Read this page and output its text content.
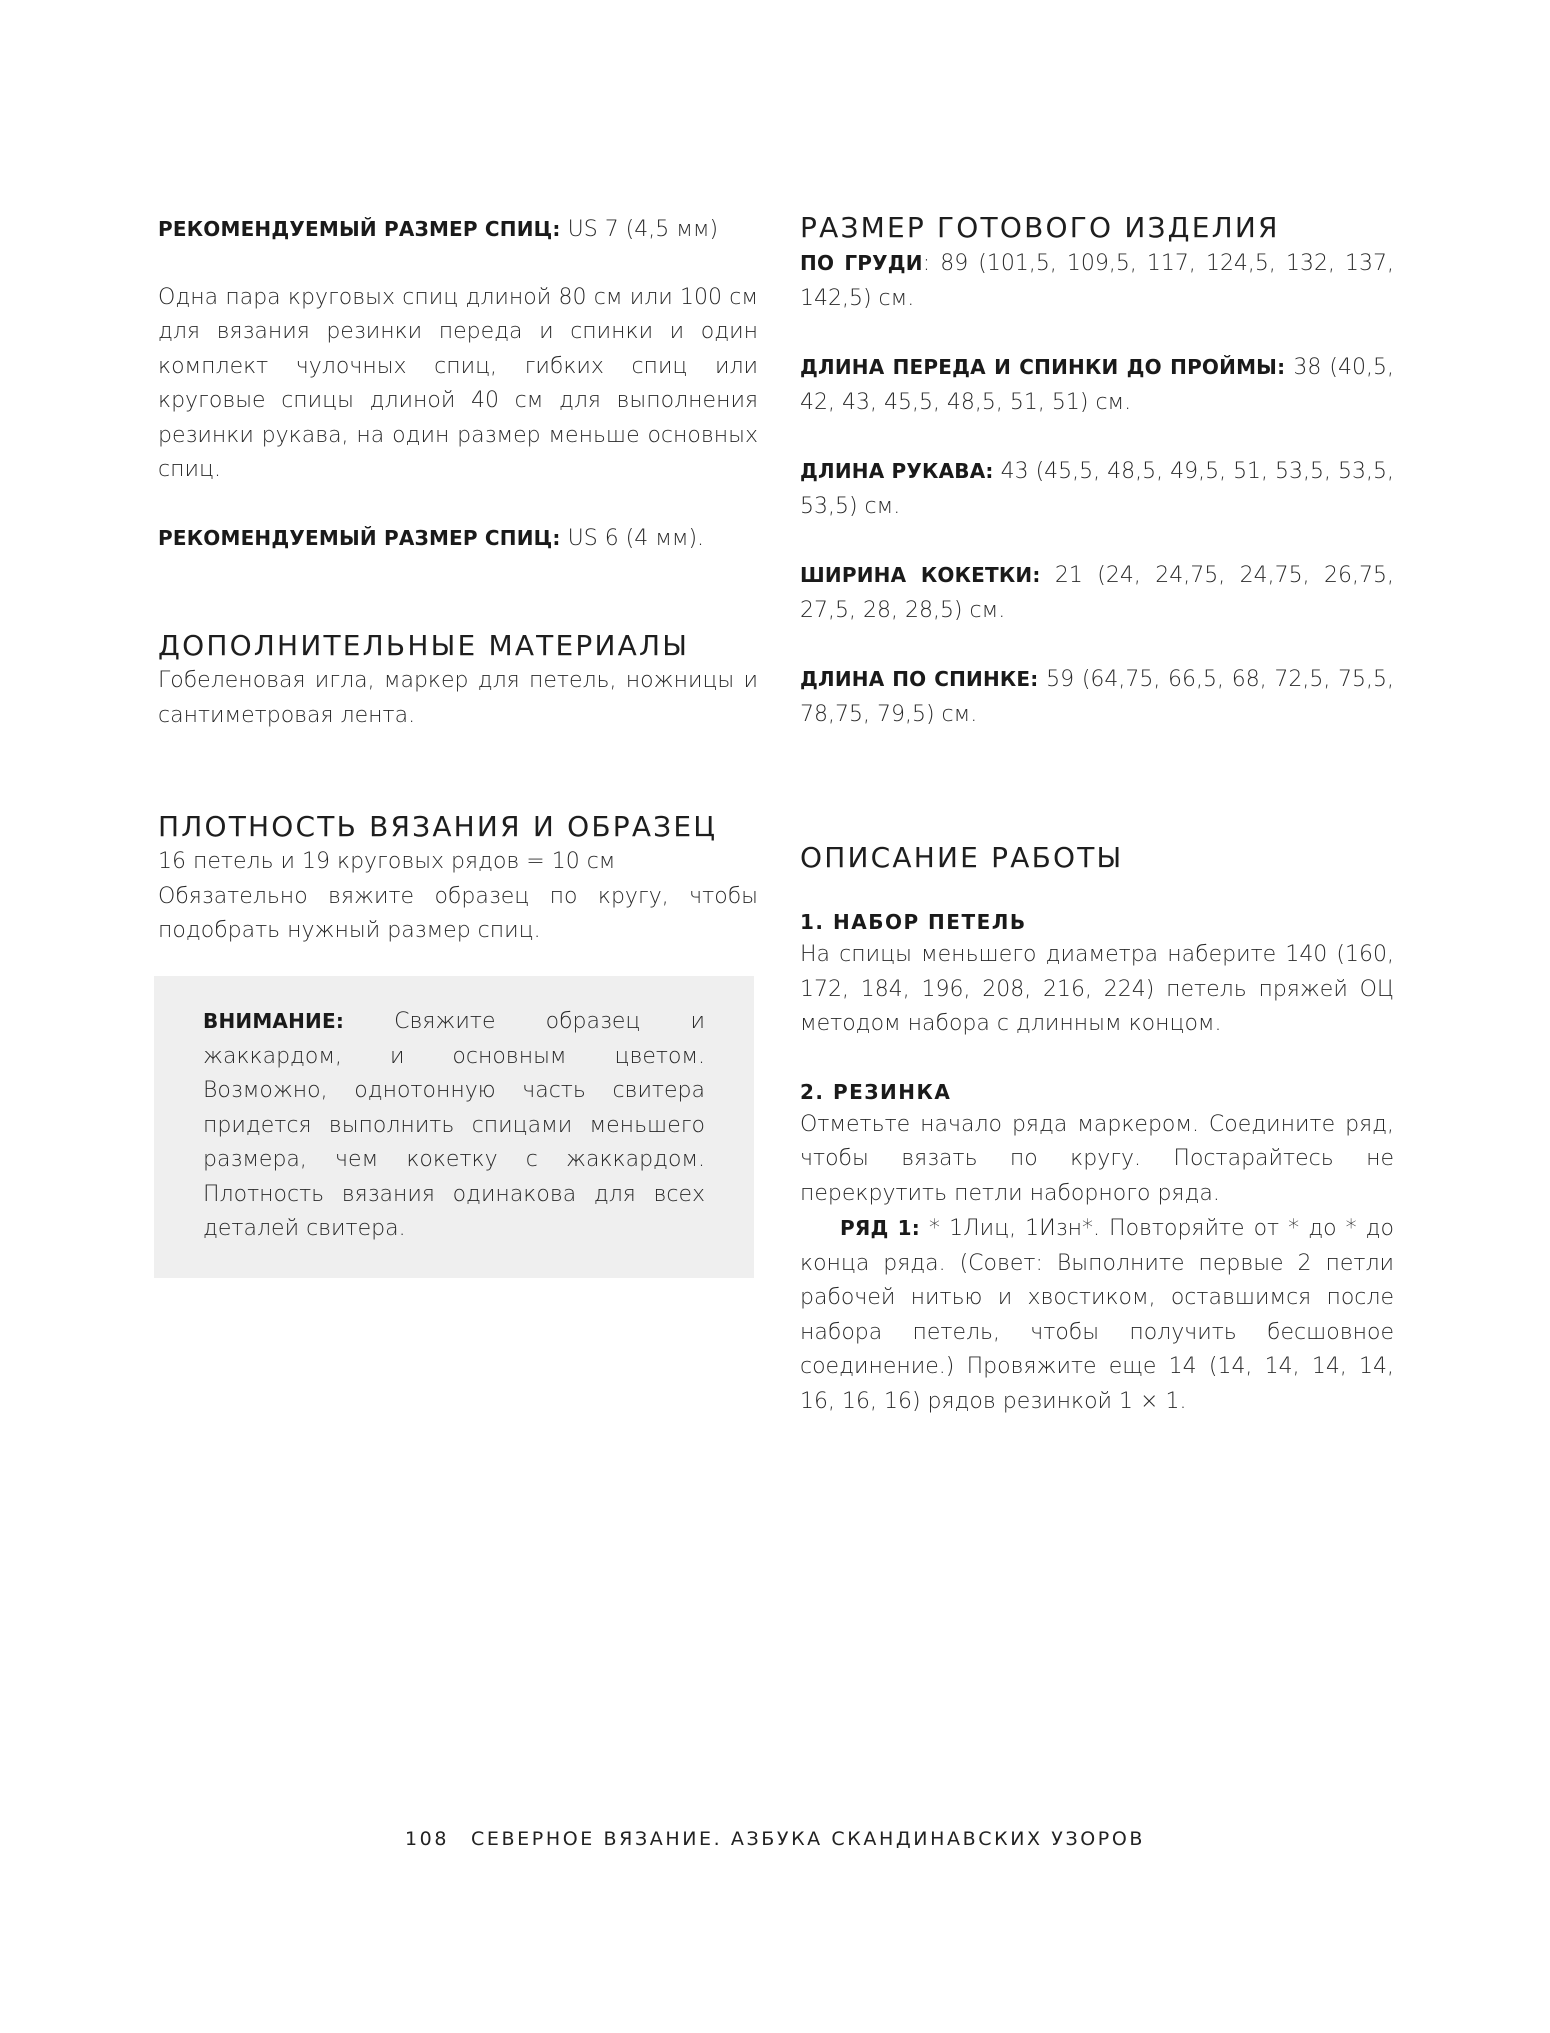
РЕКОМЕНДУЕМЫЙ РАЗМЕР СПИЦ: US 7 (4,5 мм)

Одна пара круговых спиц длиной 80 см или 100 см для вязания резинки переда и спинки и один комплект чулочных спиц, гибких спиц или круговые спицы длиной 40 см для выполнения резинки рукава, на один размер меньше основных спиц.

РЕКОМЕНДУЕМЫЙ РАЗМЕР СПИЦ: US 6 (4 мм).

ДОПОЛНИТЕЛЬНЫЕ МАТЕРИАЛЫ

Гобеленовая игла, маркер для петель, ножницы и сантиметровая лента.

ПЛОТНОСТЬ ВЯЗАНИЯ И ОБРАЗЕЦ

16 петель и 19 круговых рядов = 10 см

Обязательно вяжите образец по кругу, чтобы подобрать нужный размер спиц.

ВНИМАНИЕ: Свяжите образец и жаккардом, и основным цветом. Возможно, однотонную часть свитера придется выполнить спицами меньшего размера, чем кокетку с жаккардом. Плотность вязания одинакова для всех деталей свитера.

РАЗМЕР ГОТОВОГО ИЗДЕЛИЯ

ПО ГРУДИ: 89 (101,5, 109,5, 117, 124,5, 132, 137, 142,5) см.

ДЛИНА ПЕРЕДА И СПИНКИ ДО ПРОЙМЫ: 38 (40,5, 42, 43, 45,5, 48,5, 51, 51) см.

ДЛИНА РУКАВА: 43 (45,5, 48,5, 49,5, 51, 53,5, 53,5, 53,5) см.

ШИРИНА КОКЕТКИ: 21 (24, 24,75, 24,75, 26,75, 27,5, 28, 28,5) см.

ДЛИНА ПО СПИНКЕ: 59 (64,75, 66,5, 68, 72,5, 75,5, 78,75, 79,5) см.

ОПИСАНИЕ РАБОТЫ
1. НАБОР ПЕТЕЛЬ

На спицы меньшего диаметра наберите 140 (160, 172, 184, 196, 208, 216, 224) петель пряжей ОЦ методом набора с длинным концом.

2. РЕЗИНКА

Отметьте начало ряда маркером. Соедините ряд, чтобы вязать по кругу. Постарайтесь не перекрутить петли наборного ряда.

РЯД 1: * 1Лиц, 1Изн*. Повторяйте от * до * до конца ряда. (Совет: Выполните первые 2 петли рабочей нитью и хвостиком, оставшимся после набора петель, чтобы получить бесшовное соединение.) Провяжите еще 14 (14, 14, 14, 14, 16, 16, 16) рядов резинкой 1 × 1.

108 СЕВЕРНОЕ ВЯЗАНИЕ. АЗБУКА СКАНДИНАВСКИХ УЗОРОВ
